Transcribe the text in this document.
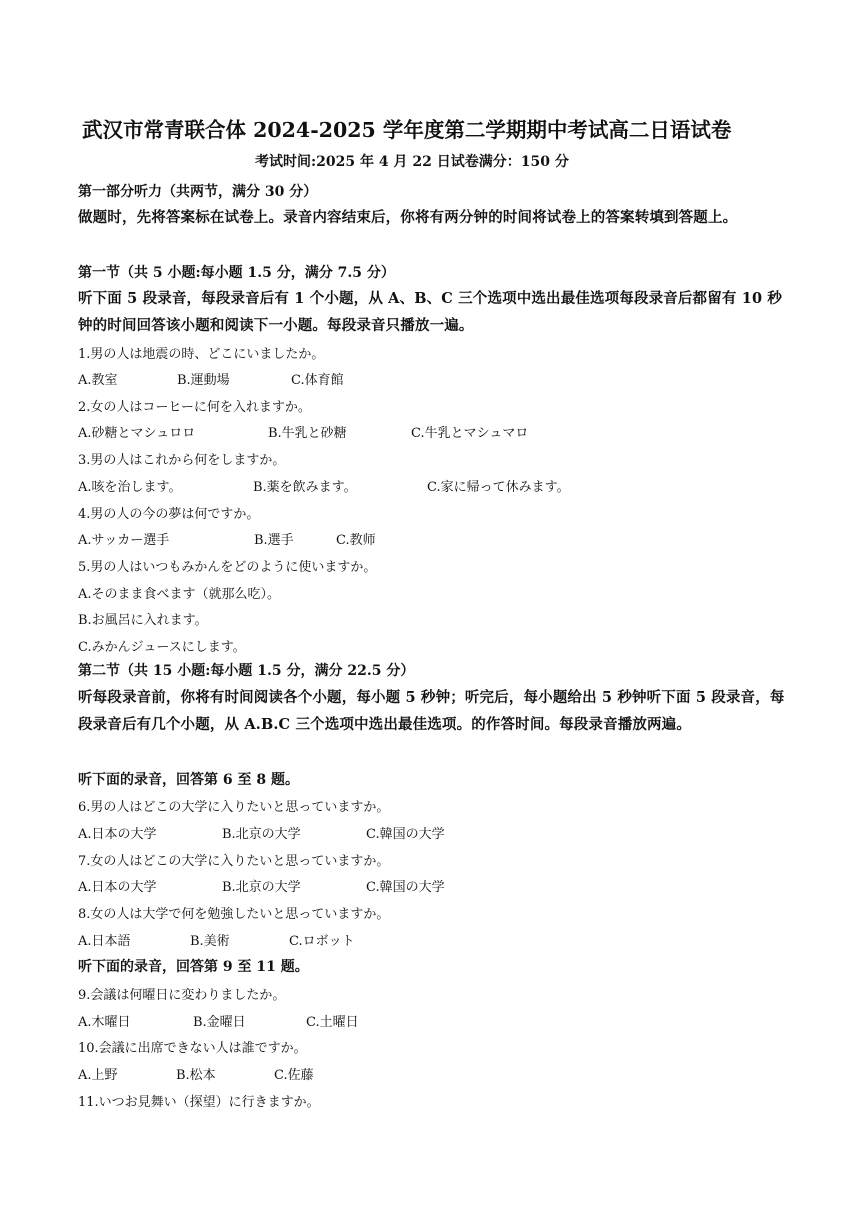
武汉市常青联合体 2024-2025 学年度第二学期期中考试高二日语试卷
考试时间:2025 年 4 月 22 日试卷满分：150 分
第一部分听力（共两节，满分 30 分）
做题时，先将答案标在试卷上。录音内容结束后，你将有两分钟的时间将试卷上的答案转填到答题上。
第一节（共 5 小题:每小题 1.5 分，满分 7.5 分）
听下面 5 段录音，每段录音后有 1 个小题，从 A、B、C 三个选项中选出最佳选项每段录音后都留有 10 秒钟的时间回答该小题和阅读下一小题。每段录音只播放一遍。
1.男の人は地震の時、どこにいましたか。
A.教室	B.運動場	C.体育館
2.女の人はコーヒーに何を入れますか。
A.砂糖とマシュロロ	B.牛乳と砂糖	C.牛乳とマシュマロ
3.男の人はこれから何をしますか。
A.咳を治します。	B.薬を飲みます。	C.家に帰って休みます。
4.男の人の今の夢は何ですか。
A.サッカー選手	B.選手	C.教师
5.男の人はいつもみかんをどのように使いますか。
A.そのまま食べます（就那么吃）。
B.お風呂に入れます。
C.みかんジュースにします。
第二节（共 15 小题:每小题 1.5 分，满分 22.5 分）
听每段录音前，你将有时间阅读各个小题，每小题 5 秒钟；听完后，每小题给出 5 秒钟听下面 5 段录音，每段录音后有几个小题，从 A.B.C 三个选项中选出最佳选项。的作答时间。每段录音播放两遍。
听下面的录音，回答第 6 至 8 题。
6.男の人はどこの大学に入りたいと思っていますか。
A.日本の大学	B.北京の大学	C.韓国の大学
7.女の人はどこの大学に入りたいと思っていますか。
A.日本の大学	B.北京の大学	C.韓国の大学
8.女の人は大学で何を勉強したいと思っていますか。
A.日本語	B.美術	C.ロボット
听下面的录音，回答第 9 至 11 题。
9.会議は何曜日に変わりましたか。
A.木曜日	B.金曜日	C.土曜日
10.会議に出席できない人は誰ですか。
A.上野	B.松本	C.佐藤
11.いつお見舞い（探望）に行きますか。
